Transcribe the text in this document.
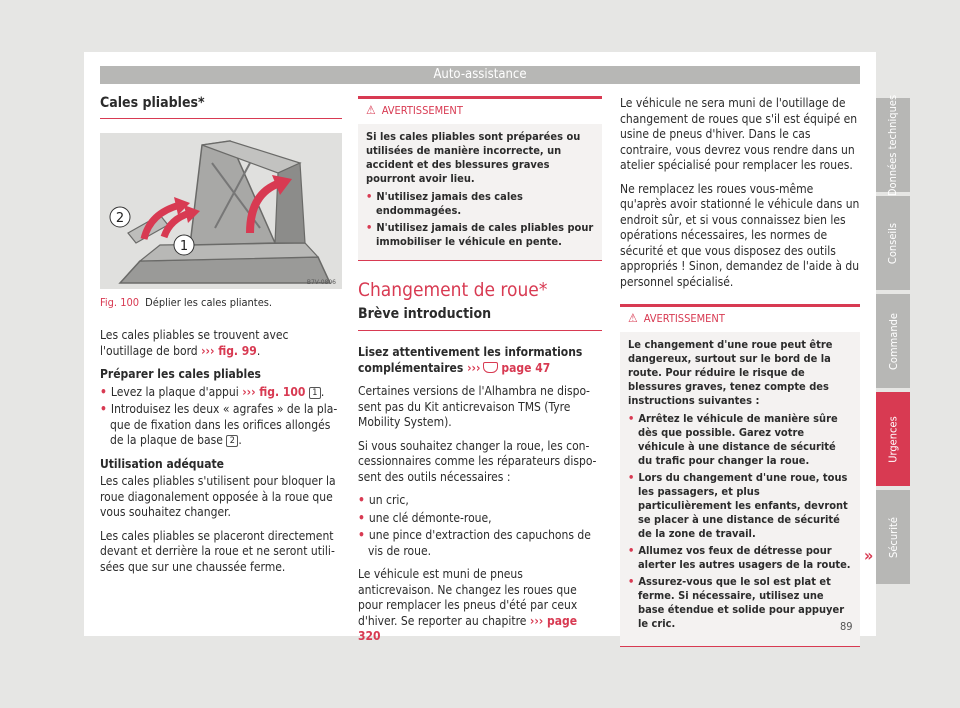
Auto-assistance
Cales pliables*
2
1
B7V-0806
Fig. 100 Déplier les cales pliantes.

Les cales pliables se trouvent avec l'outillage de bord ››› fig. 99.

Préparer les cales pliables
• Levez la plaque d'appui ››› fig. 100 1 .
• Introduisez les deux « agrafes » de la plaque de fixation dans les orifices allongés de la plaque de base 2 .
Utilisation adéquate

Les cales pliables s'utilisent pour bloquer la roue diagonalement opposée à la roue que vous souhaitez changer.

Les cales pliables se placeront directement devant et derrière la roue et ne seront utilisées que sur une chaussée ferme.

⚠ AVERTISSEMENT

Si les cales pliables sont préparées ou utilisées de manière incorrecte, un accident et des blessures graves pourront avoir lieu.

• N'utilisez jamais des cales endommagées.
• N'utilisez jamais de cales pliables pour immobiliser le véhicule en pente.
Changement de roue*
Brève introduction

Lisez attentivement les informations complémentaires ››› page 47

Certaines versions de l'Alhambra ne disposent pas du Kit anticrevaison TMS (Tyre Mobility System).

Si vous souhaitez changer la roue, les concessionnaires comme les réparateurs disposent des outils nécessaires :

• un cric,
• une clé démonte-roue,
• une pince d'extraction des capuchons de vis de roue.

Le véhicule est muni de pneus anticrevaison. Ne changez les roues que pour remplacer les pneus d'été par ceux d'hiver. Se reporter au chapitre ››› page 320

Le véhicule ne sera muni de l'outillage de changement de roues que s'il est équipé en usine de pneus d'hiver. Dans le cas contraire, vous devrez vous rendre dans un atelier spécialisé pour remplacer les roues.

Ne remplacez les roues vous-même qu'après avoir stationné le véhicule dans un endroit sûr, et si vous connaissez bien les opérations nécessaires, les normes de sécurité et que vous disposez des outils appropriés ! Sinon, demandez de l'aide à du personnel spécialisé.

⚠ AVERTISSEMENT

Le changement d'une roue peut être dangereux, surtout sur le bord de la route. Pour réduire le risque de blessures graves, tenez compte des instructions suivantes :

• Arrêtez le véhicule de manière sûre dès que possible. Garez votre véhicule à une distance de sécurité du trafic pour changer la roue.
• Lors du changement d'une roue, tous les passagers, et plus particulièrement les enfants, devront se placer à une distance de sécurité de la zone de travail.
• Allumez vos feux de détresse pour alerter les autres usagers de la route.
• Assurez-vous que le sol est plat et ferme. Si nécessaire, utilisez une base étendue et solide pour appuyer le cric.
»
Données techniques
Conseils
Commande
Urgences
Sécurité
89
